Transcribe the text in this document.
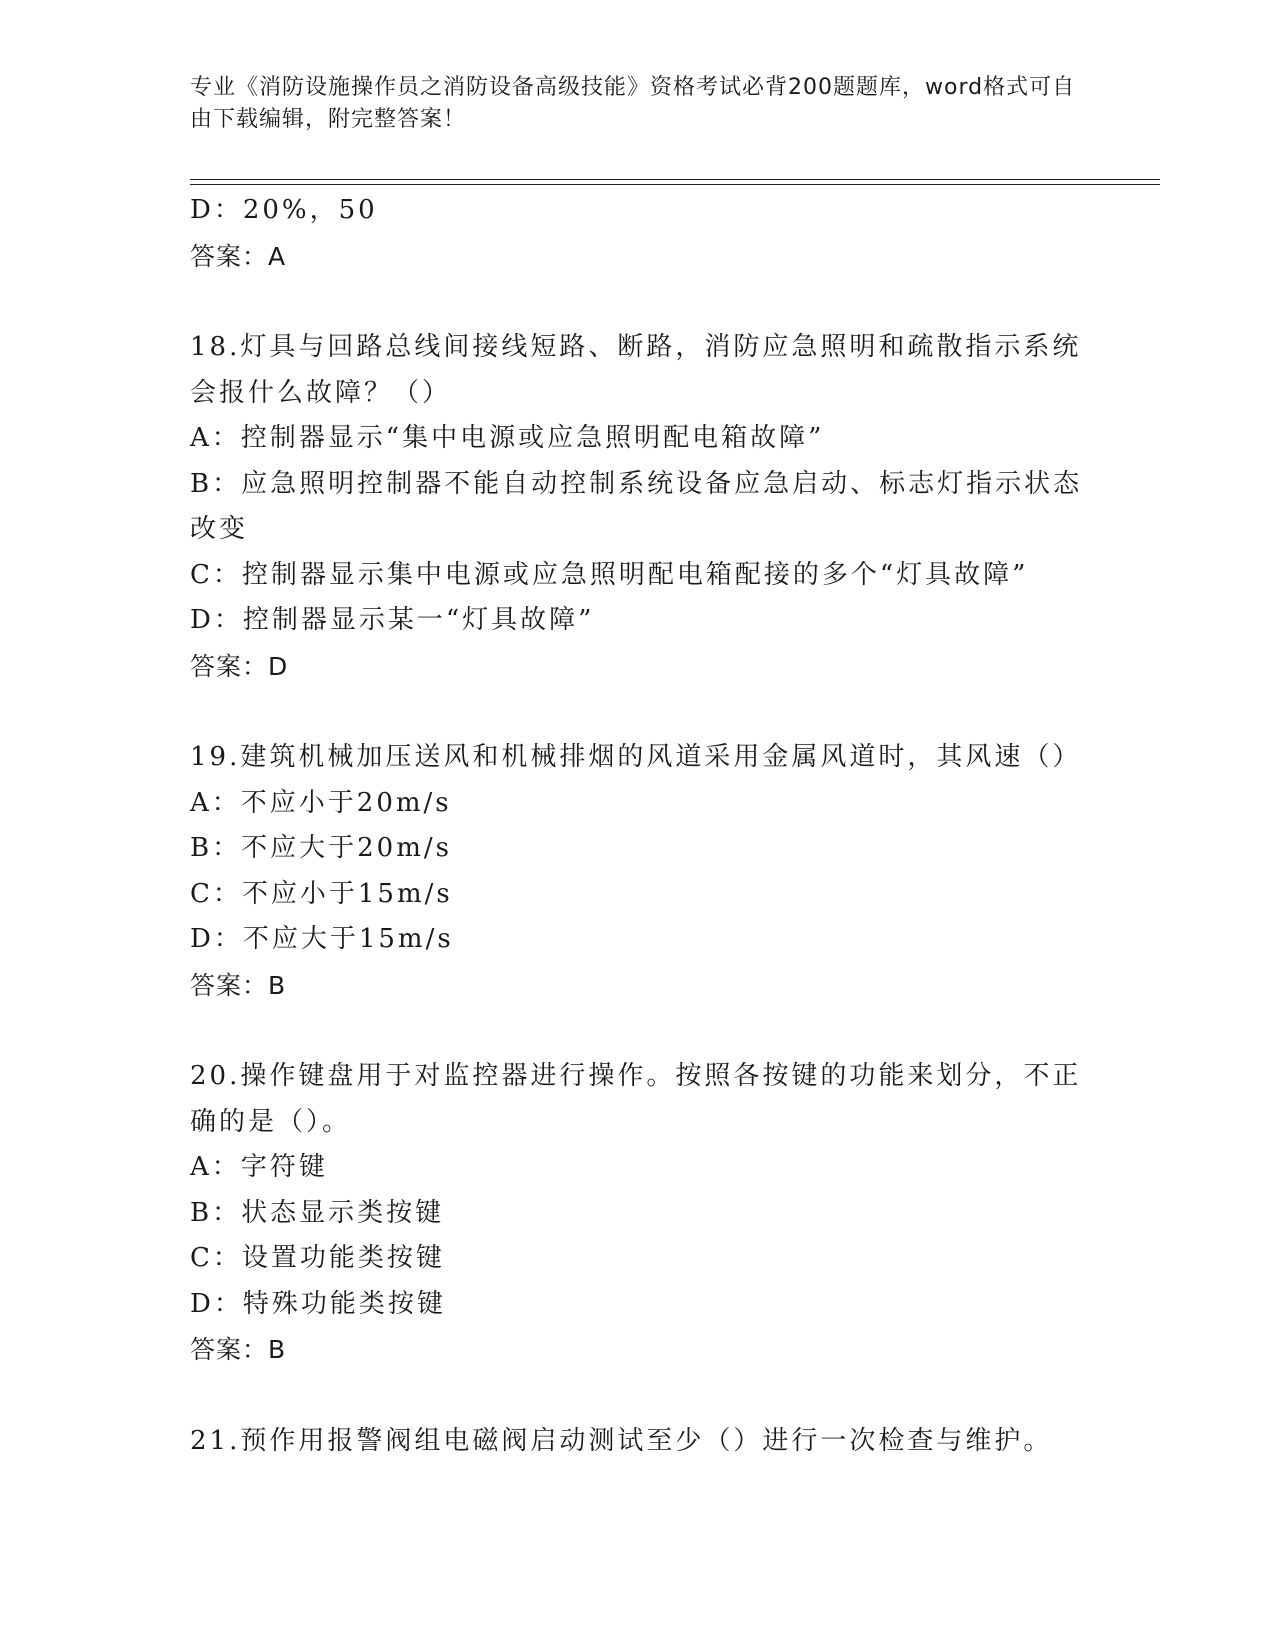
专业《消防设施操作员之消防设备高级技能》资格考试必背200题题库，word格式可自由下载编辑，附完整答案！

D：20%，50

答案：A

18.灯具与回路总线间接线短路、断路，消防应急照明和疏散指示系统会报什么故障？（）

A：控制器显示“集中电源或应急照明配电箱故障”

B：应急照明控制器不能自动控制系统设备应急启动、标志灯指示状态改变

C：控制器显示集中电源或应急照明配电箱配接的多个“灯具故障”

D：控制器显示某一“灯具故障”

答案：D

19.建筑机械加压送风和机械排烟的风道采用金属风道时，其风速（）

A：不应小于20m/s

B：不应大于20m/s

C：不应小于15m/s

D：不应大于15m/s

答案：B

20.操作键盘用于对监控器进行操作。按照各按键的功能来划分，不正确的是（）。

A：字符键

B：状态显示类按键

C：设置功能类按键

D：特殊功能类按键

答案：B

21.预作用报警阀组电磁阀启动测试至少（）进行一次检查与维护。
